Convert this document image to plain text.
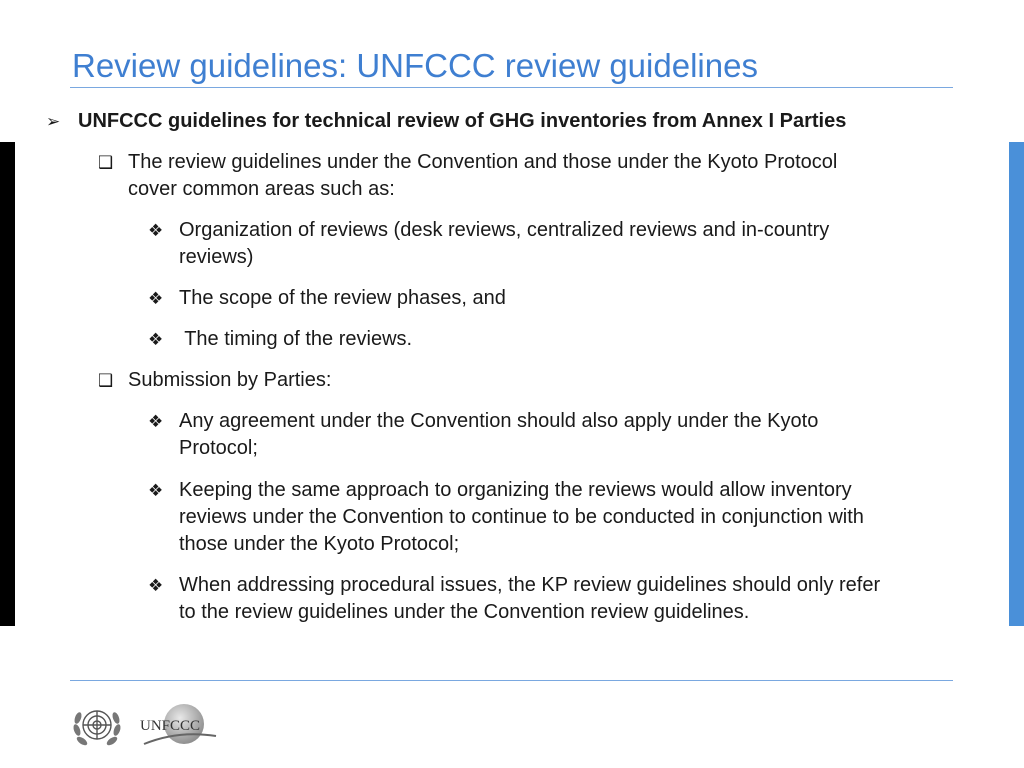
Review guidelines: UNFCCC review guidelines
➢ UNFCCC guidelines for technical review of GHG inventories from Annex I Parties
❑ The review guidelines under the Convention and those under the Kyoto Protocol
cover common areas such as:
❖ Organization of reviews (desk reviews, centralized reviews and in-country
reviews)
❖ The scope of the review phases, and
❖ The timing of the reviews.
❑ Submission by Parties:
❖ Any agreement under the Convention should also apply under the Kyoto
Protocol;
❖ Keeping the same approach to organizing the reviews would allow inventory
reviews under the Convention to continue to be conducted in conjunction with
those under the Kyoto Protocol;
❖ When addressing procedural issues, the KP review guidelines should only refer
to the review guidelines under the Convention review guidelines.
UNFCCC
